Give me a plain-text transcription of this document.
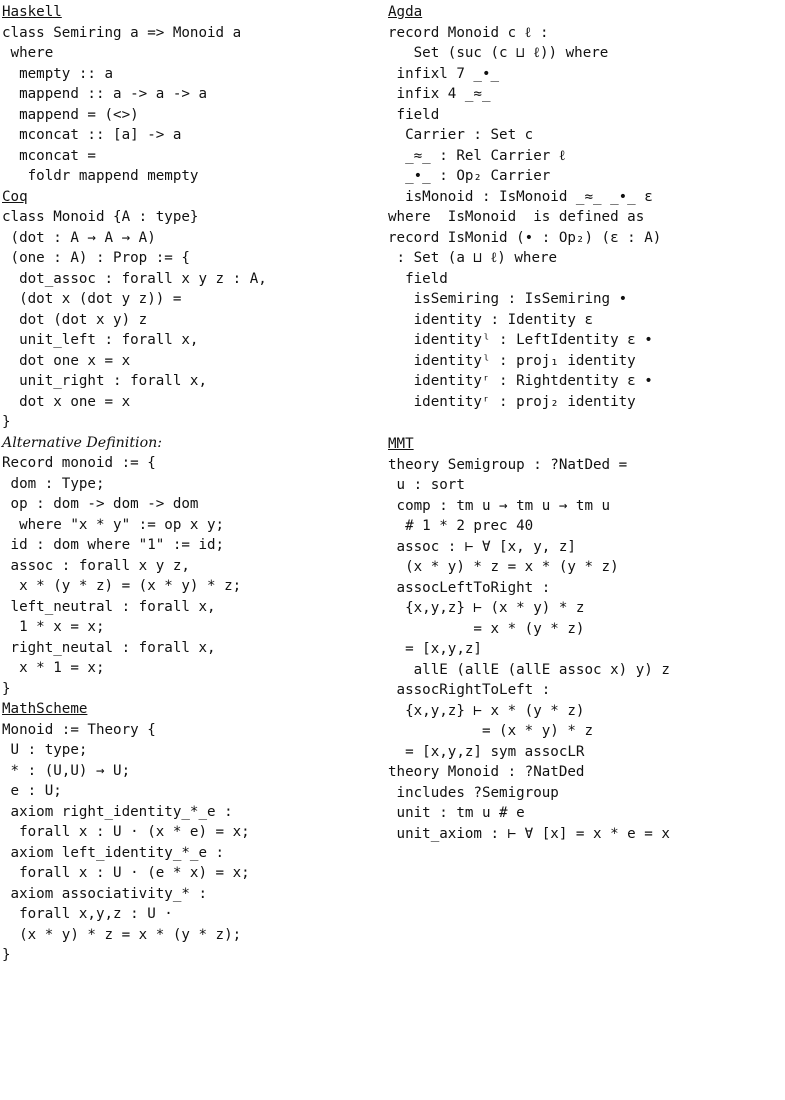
Haskell
class Semiring a => Monoid a
where
mempty :: a
mappend :: a -> a -> a
mappend = (<>)
mconcat :: [a] -> a
mconcat =
foldr mappend mempty
Coq
class Monoid {A : type}
(dot : A → A → A)
(one : A) : Prop := {
dot_assoc : forall x y z : A,
(dot x (dot y z)) =
dot (dot x y) z
unit_left : forall x,
dot one x = x
unit_right : forall x,
dot x one = x
}
Alternative Definition:
Record monoid := {
dom : Type;
op : dom -> dom -> dom
where "x * y" := op x y;
id : dom where "1" := id;
assoc : forall x y z,
x * (y * z) = (x * y) * z;
left_neutral : forall x,
1 * x = x;
right_neutal : forall x,
x * 1 = x;
}
MathScheme
Monoid := Theory {
U : type;
* : (U,U) → U;
e : U;
axiom right_identity_*_e :
forall x : U · (x * e) = x;
axiom left_identity_*_e :
forall x : U · (e * x) = x;
axiom associativity_* :
forall x,y,z : U ·
(x * y) * z = x * (y * z);
}
Agda
record Monoid c ℓ :
Set (suc (c ⊔ ℓ)) where
infixl 7 _•_
infix 4 _≈_
field
Carrier : Set c
_≈_ : Rel Carrier ℓ
_•_ : Op₂ Carrier
isMonoid : IsMonoid _≈_ _•_ ε
where  IsMonoid  is defined as
record IsMonid (• : Op₂) (ε : A)
: Set (a ⊔ ℓ) where
field
isSemiring : IsSemiring •
identity : Identity ε
identityˡ : LeftIdentity ε •
identityˡ : proj₁ identity
identityʳ : Rightdentity ε •
identityʳ : proj₂ identity
MMT
theory Semigroup : ?NatDed =
u : sort
comp : tm u → tm u → tm u
# 1 * 2 prec 40
assoc : ⊢ ∀ [x, y, z]
(x * y) * z = x * (y * z)
assocLeftToRight :
{x,y,z} ⊢ (x * y) * z
= x * (y * z)
= [x,y,z]
allE (allE (allE assoc x) y) z
assocRightToLeft :
{x,y,z} ⊢ x * (y * z)
= (x * y) * z
= [x,y,z] sym assocLR
theory Monoid : ?NatDed
includes ?Semigroup
unit : tm u # e
unit_axiom : ⊢ ∀ [x] = x * e = x
